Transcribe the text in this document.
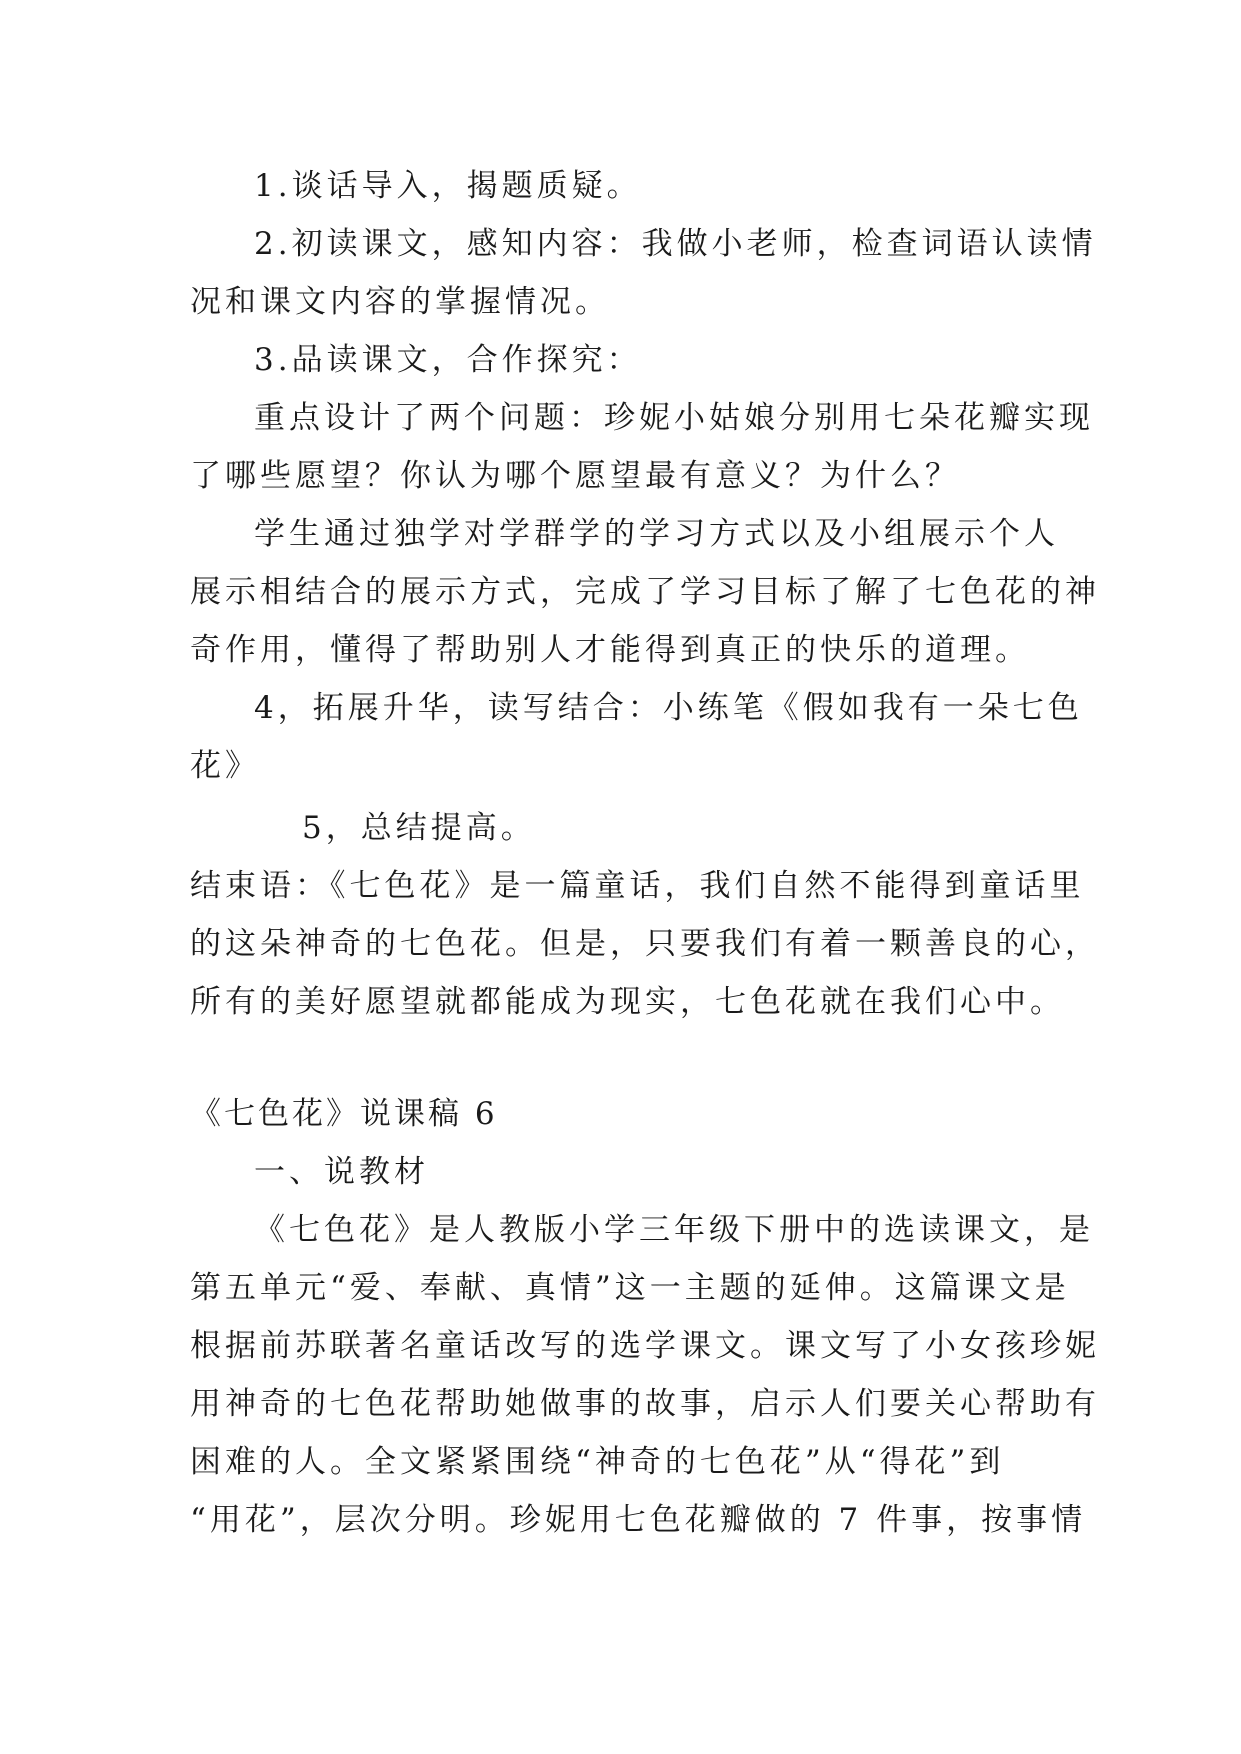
1.谈话导入，揭题质疑。

2.初读课文，感知内容：我做小老师，检查词语认读情

况和课文内容的掌握情况。

3.品读课文，合作探究：

重点设计了两个问题：珍妮小姑娘分别用七朵花瓣实现

了哪些愿望？你认为哪个愿望最有意义？为什么？

学生通过独学对学群学的学习方式以及小组展示个人

展示相结合的展示方式，完成了学习目标了解了七色花的神

奇作用，懂得了帮助别人才能得到真正的快乐的道理。

4，拓展升华，读写结合：小练笔《假如我有一朵七色

花》

5，总结提高。

结束语：《七色花》是一篇童话，我们自然不能得到童话里

的这朵神奇的七色花。但是，只要我们有着一颗善良的心，

所有的美好愿望就都能成为现实，七色花就在我们心中。

《七色花》说课稿 6

一、说教材

《七色花》是人教版小学三年级下册中的选读课文，是

第五单元“爱、奉献、真情”这一主题的延伸。这篇课文是

根据前苏联著名童话改写的选学课文。课文写了小女孩珍妮

用神奇的七色花帮助她做事的故事，启示人们要关心帮助有

困难的人。全文紧紧围绕“神奇的七色花”从“得花”到

“用花”，层次分明。珍妮用七色花瓣做的 7 件事，按事情
